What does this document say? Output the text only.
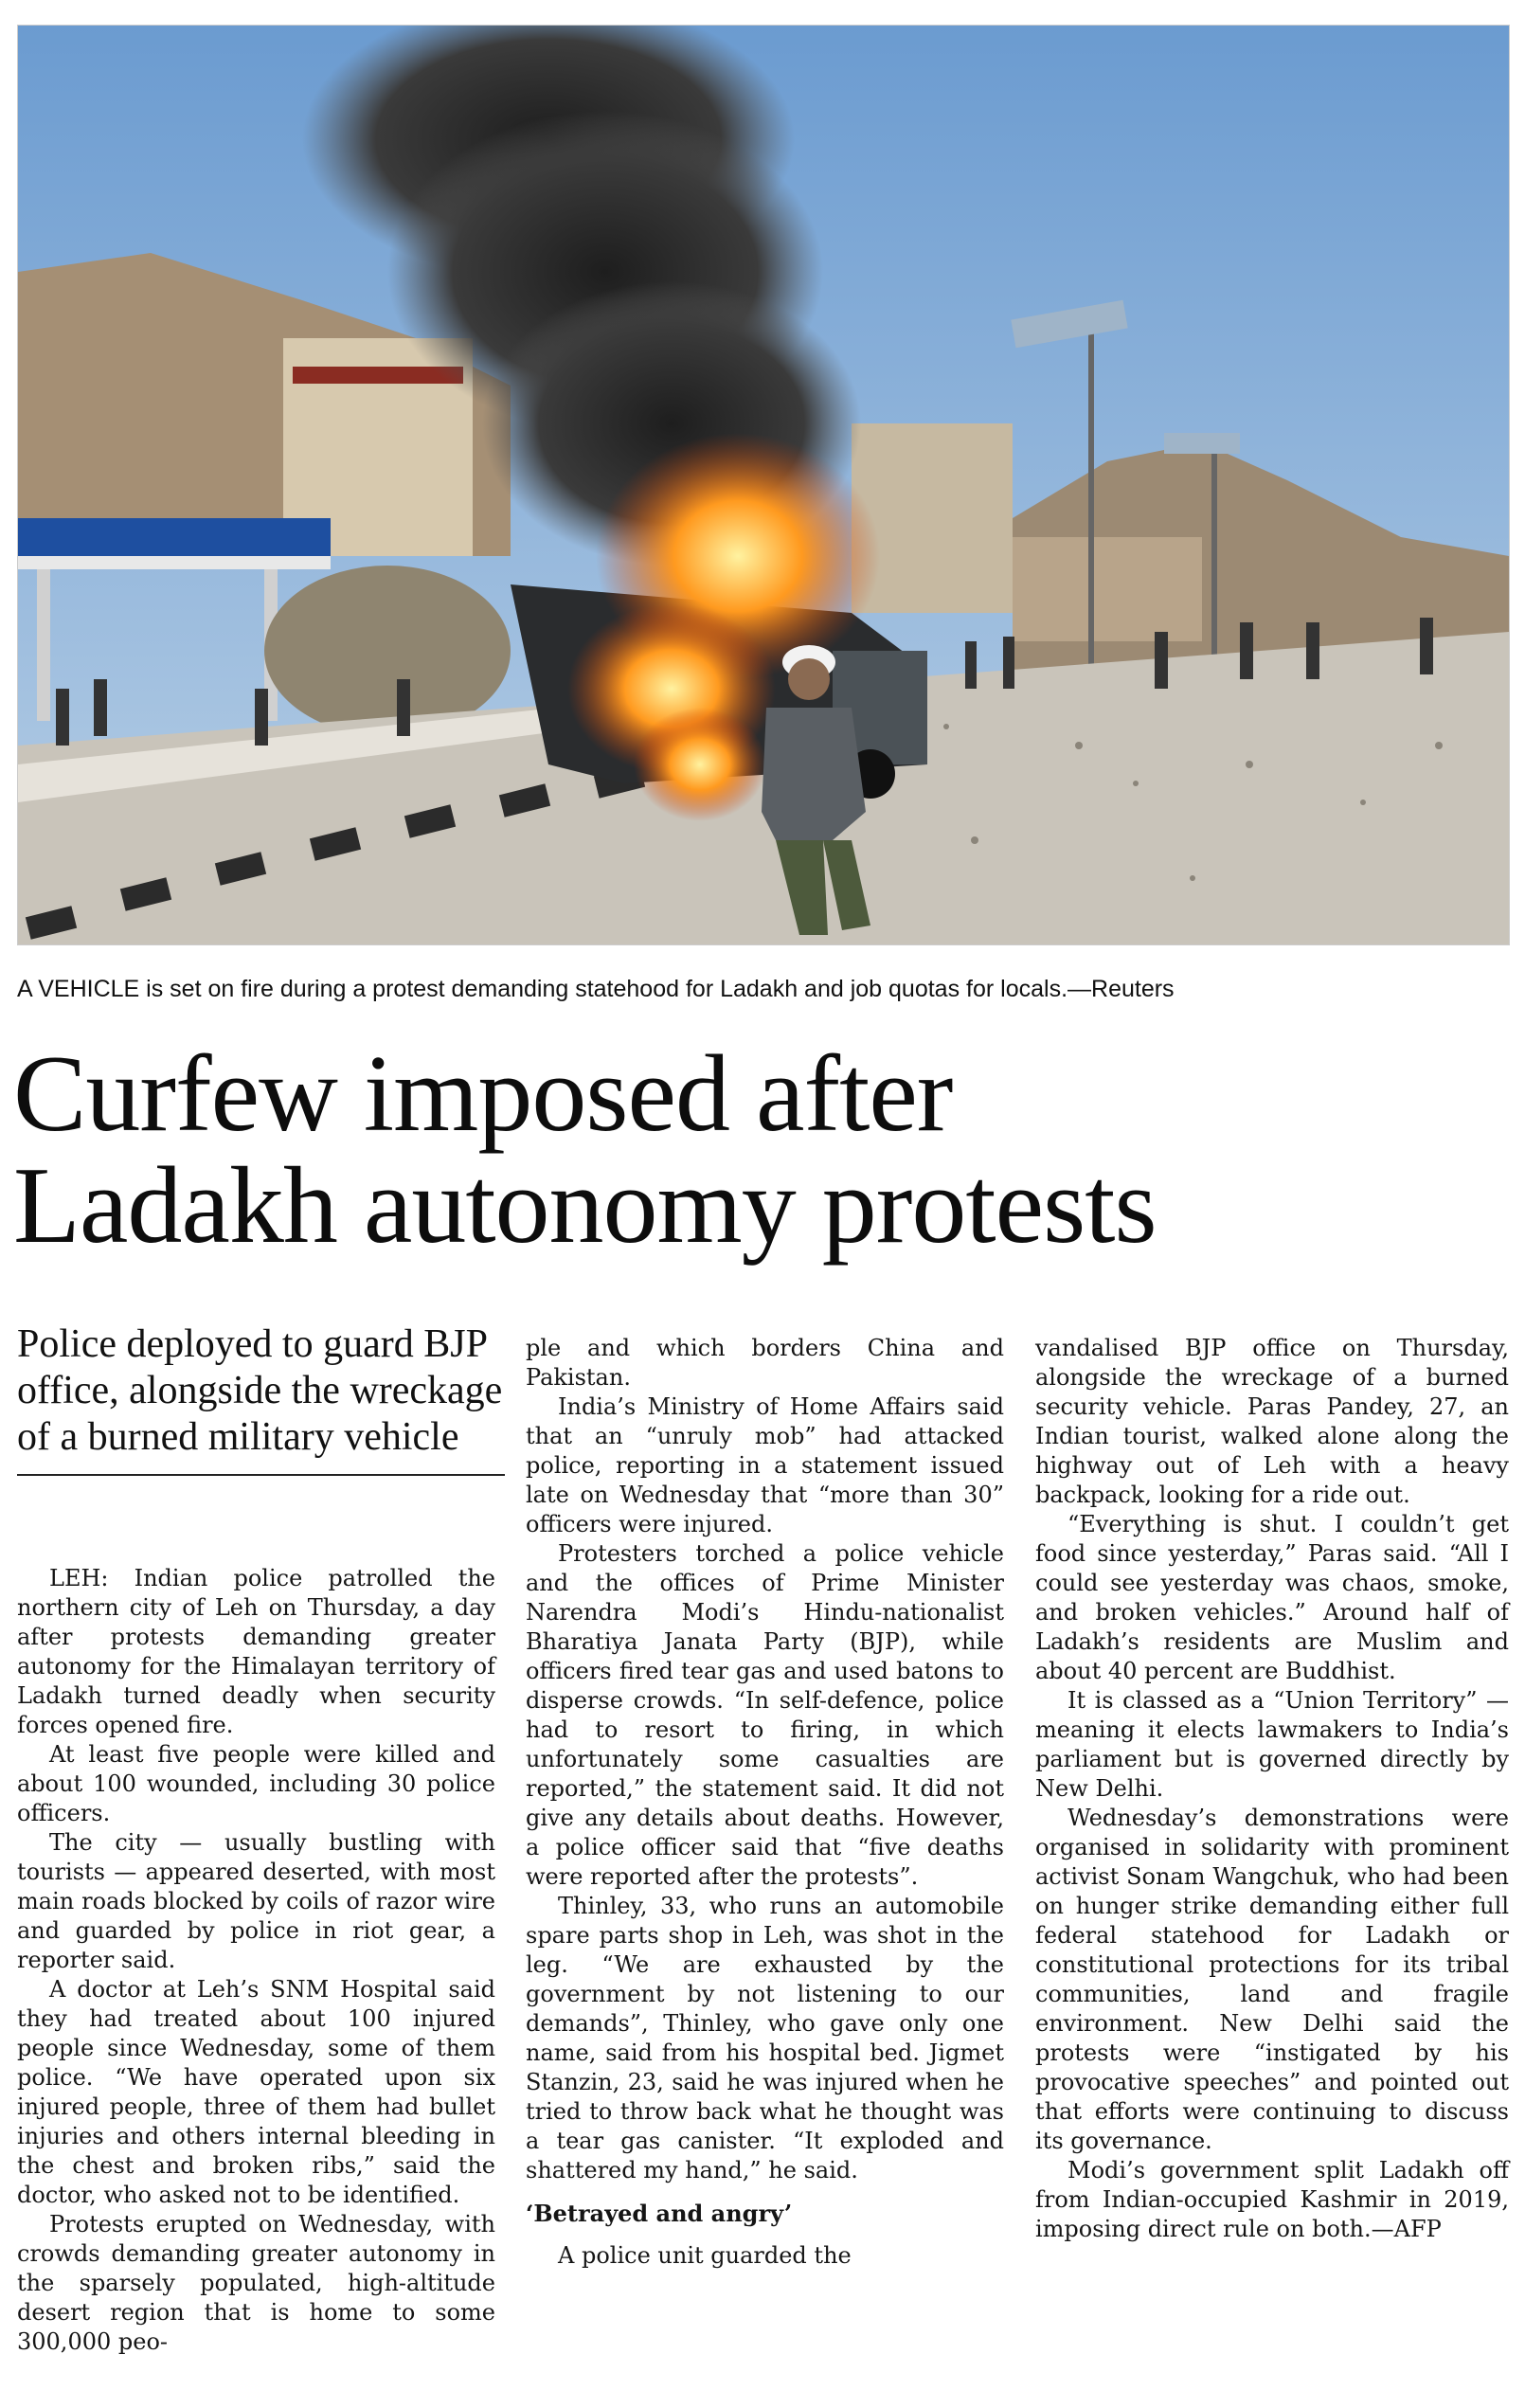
A VEHICLE is set on fire during a protest demanding statehood for Ladakh and job quotas for locals.—Reuters
Curfew imposed after
Ladakh autonomy protests
Police deployed to guard BJP office, alongside the wreckage of a burned military vehicle

LEH: Indian police patrolled the northern city of Leh on Thursday, a day after protests demanding greater autonomy for the Himalayan territory of Ladakh turned deadly when security forces opened fire.

At least five people were killed and about 100 wounded, including 30 police officers.

The city — usually bustling with tourists — appeared deserted, with most main roads blocked by coils of razor wire and guarded by police in riot gear, a reporter said.

A doctor at Leh’s SNM Hospital said they had treated about 100 injured people since Wednesday, some of them police. “We have operated upon six injured people, three of them had bullet injuries and others internal bleeding in the chest and broken ribs,” said the doctor, who asked not to be identified.

Protests erupted on Wednesday, with crowds demanding greater autonomy in the sparsely populated, high-altitude desert region that is home to some 300,000 peo-

ple and which borders China and Pakistan.

India’s Ministry of Home Affairs said that an “unruly mob” had attacked police, reporting in a statement issued late on Wednesday that “more than 30” officers were injured.

Protesters torched a police vehicle and the offices of Prime Minister Narendra Modi’s Hindu-nationalist Bharatiya Janata Party (BJP), while officers fired tear gas and used batons to disperse crowds. “In self-defence, police had to resort to firing, in which unfortunately some casualties are reported,” the statement said. It did not give any details about deaths. However, a police officer said that “five deaths were reported after the protests”.

Thinley, 33, who runs an automobile spare parts shop in Leh, was shot in the leg. “We are exhausted by the government by not listening to our demands”, Thinley, who gave only one name, said from his hospital bed. Jigmet Stanzin, 23, said he was injured when he tried to throw back what he thought was a tear gas canister. “It exploded and shattered my hand,” he said.

‘Betrayed and angry’

A police unit guarded the

vandalised BJP office on Thursday, alongside the wreckage of a burned security vehicle. Paras Pandey, 27, an Indian tourist, walked alone along the highway out of Leh with a heavy backpack, looking for a ride out.

“Everything is shut. I couldn’t get food since yesterday,” Paras said. “All I could see yesterday was chaos, smoke, and broken vehicles.” Around half of Ladakh’s residents are Muslim and about 40 percent are Buddhist.

It is classed as a “Union Territory” — meaning it elects lawmakers to India’s parliament but is governed directly by New Delhi.

Wednesday’s demonstrations were organised in solidarity with prominent activist Sonam Wangchuk, who had been on hunger strike demanding either full federal statehood for Ladakh or constitutional protections for its tribal communities, land and fragile environment. New Delhi said the protests were “instigated by his provocative speeches” and pointed out that efforts were continuing to discuss its governance.

Modi’s government split Ladakh off from Indian-occupied Kashmir in 2019, imposing direct rule on both.—AFP
